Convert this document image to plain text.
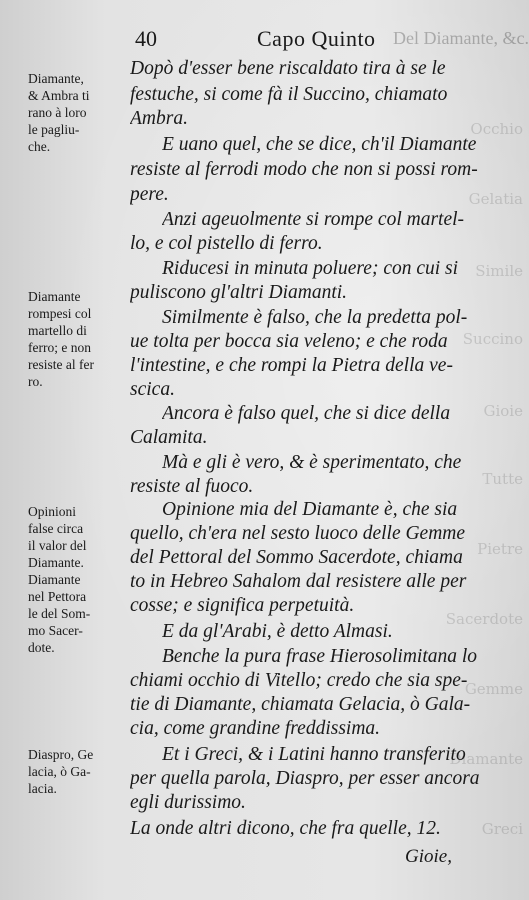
Occhio
Gelatia
Simile
Succino
Gioie
Tutte
Pietre
Sacerdote
Gemme
Diamante
Greci
40	Capo Quinto Del Diamante, &c.
Diamante,
& Ambra ti
rano à loro
le pagliu-
che.
Diamante
rompesi col
martello di
ferro; e non
resiste al fer
ro.
Opinioni
false circa
il valor del
Diamante.
Diamante
nel Pettora
le del Som-
mo Sacer-
dote.
Diaspro, Ge
lacia, ò Ga-
lacia.
Dopò d'esser bene riscaldato tira à se le
festuche, si come fà il Succino, chiamato
Ambra.
E uano quel, che se dice, ch'il Diamante
resiste al ferrodi modo che non si possi rom-
pere.
Anzi ageuolmente si rompe col martel-
lo, e col pistello di ferro.
Riducesi in minuta poluere; con cui si
puliscono gl'altri Diamanti.
Similmente è falso, che la predetta pol-
ue tolta per bocca sia veleno; e che roda
l'intestine, e che rompi la Pietra della ve-
scica.
Ancora è falso quel, che si dice della
Calamita.
Mà e gli è vero, & è sperimentato, che
resiste al fuoco.
Opinione mia del Diamante è, che sia
quello, ch'era nel sesto luoco delle Gemme
del Pettoral del Sommo Sacerdote, chiama
to in Hebreo Sahalom dal resistere alle per
cosse; e significa perpetuità.
E da gl'Arabi, è detto Almasi.
Benche la pura frase Hierosolimitana lo
chiami occhio di Vitello; credo che sia spe-
tie di Diamante, chiamata Gelacia, ò Gala-
cia, come grandine freddissima.
Et i Greci, & i Latini hanno transferito
per quella parola, Diaspro, per esser ancora
egli durissimo.
La onde altri dicono, che fra quelle, 12.
Gioie,
